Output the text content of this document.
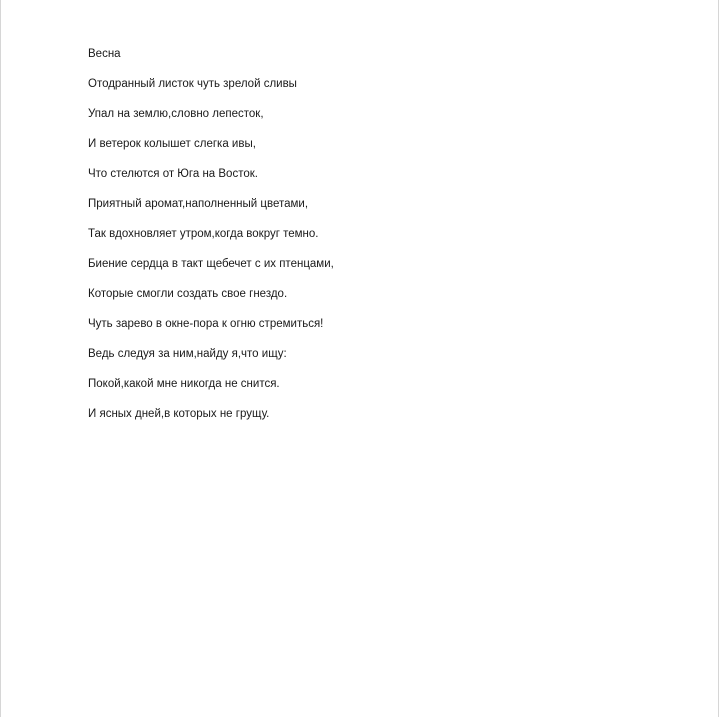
Весна
Отодранный листок чуть зрелой сливы
Упал на землю,словно лепесток,
И ветерок колышет слегка ивы,
Что стелются от Юга на Восток.
Приятный аромат,наполненный цветами,
Так вдохновляет утром,когда вокруг темно.
Биение сердца в такт щебечет с их птенцами,
Которые смогли создать свое гнездо.
Чуть зарево в окне-пора к огню стремиться!
Ведь следуя за ним,найду я,что ищу:
Покой,какой мне никогда не снится.
И ясных дней,в которых не грущу.
